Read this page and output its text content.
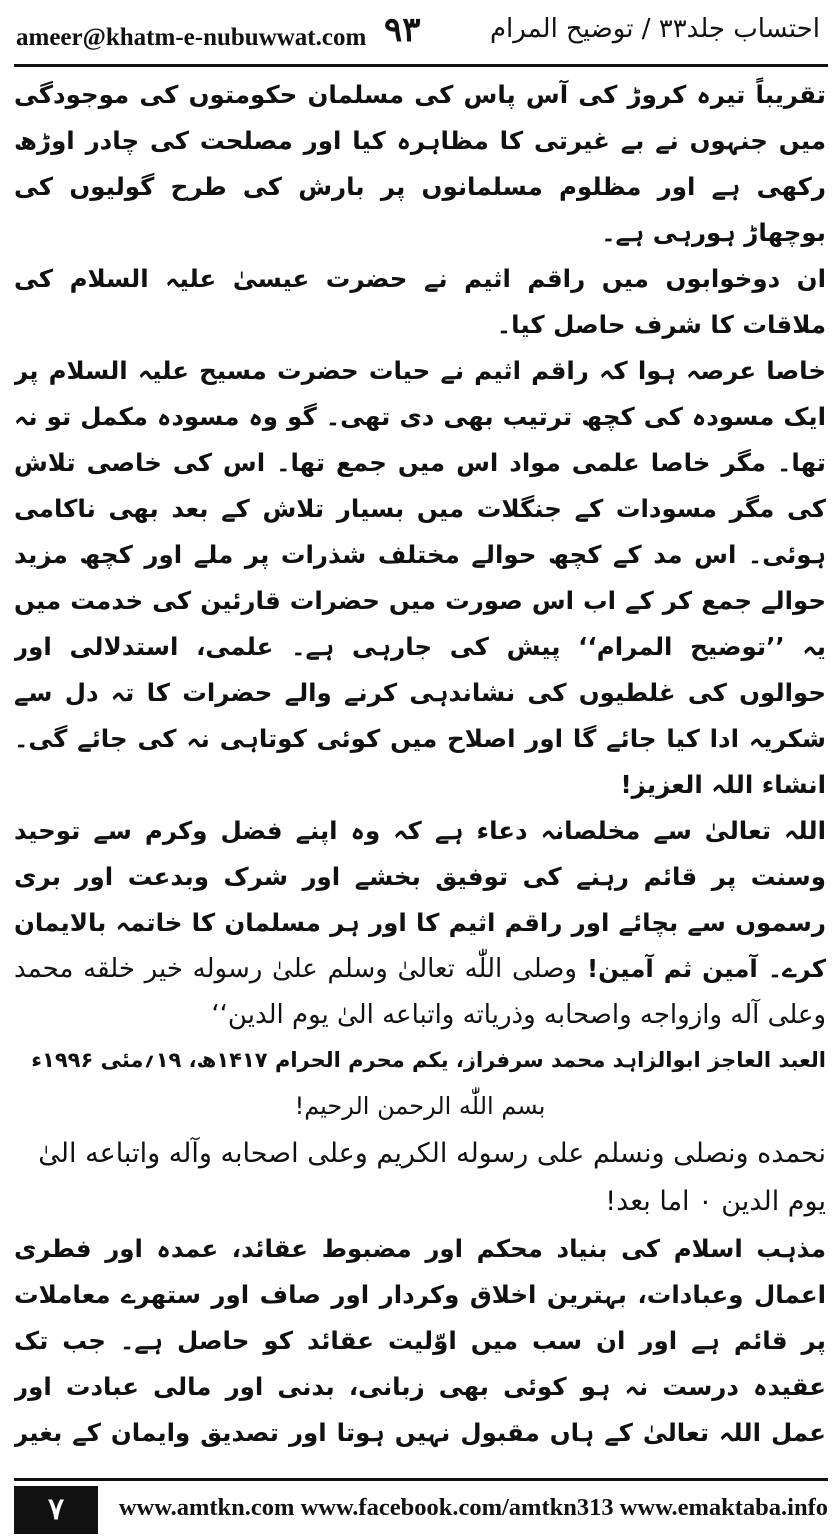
ameer@khatm-e-nubuwwat.com ۹۳	احتساب جلد۳۳ / توضیح المرام

تقریباً تیرہ کروڑ کی آس پاس کی مسلمان حکومتوں کی موجودگی میں جنہوں نے بے غیرتی کا مظاہرہ کیا اور مصلحت کی چادر اوڑھ رکھی ہے اور مظلوم مسلمانوں پر بارش کی طرح گولیوں کی بوچھاڑ ہورہی ہے۔

ان دوخوابوں میں راقم اثیم نے حضرت عیسیٰ علیہ السلام کی ملاقات کا شرف حاصل کیا۔

خاصا عرصہ ہوا کہ راقم اثیم نے حیات حضرت مسیح علیہ السلام پر ایک مسودہ کی کچھ ترتیب بھی دی تھی۔ گو وہ مسودہ مکمل تو نہ تھا۔ مگر خاصا علمی مواد اس میں جمع تھا۔ اس کی خاصی تلاش کی مگر مسودات کے جنگلات میں بسیار تلاش کے بعد بھی ناکامی ہوئی۔ اس مد کے کچھ حوالے مختلف شذرات پر ملے اور کچھ مزید حوالے جمع کر کے اب اس صورت میں حضرات قارئین کی خدمت میں یہ ’’توضیح المرام‘‘ پیش کی جارہی ہے۔ علمی، استدلالی اور حوالوں کی غلطیوں کی نشاندہی کرنے والے حضرات کا تہ دل سے شکریہ ادا کیا جائے گا اور اصلاح میں کوئی کوتاہی نہ کی جائے گی۔ انشاء اللہ العزیز!

اللہ تعالیٰ سے مخلصانہ دعاء ہے کہ وہ اپنے فضل وکرم سے توحید وسنت پر قائم رہنے کی توفیق بخشے اور شرک وبدعت اور بری رسموں سے بچائے اور راقم اثیم کا اور ہر مسلمان کا خاتمہ بالایمان کرے۔ آمین ثم آمین! وصلی اللّٰه تعالیٰ وسلم علیٰ رسوله خیر خلقه محمد وعلی آله وازواجه واصحابه وذریاته واتباعه الیٰ یوم الدین‘‘

العبد العاجز ابوالزاہد محمد سرفراز، یکم محرم الحرام ۱۴۱۷ھ، ۱۹؍مئی ۱۹۹۶ء

بسم اللّٰه الرحمن الرحیم!

نحمده ونصلی ونسلم علی رسوله الکریم وعلی اصحابه وآله واتباعه الیٰ یوم الدین ۰ اما بعد!

مذہب اسلام کی بنیاد محکم اور مضبوط عقائد، عمدہ اور فطری اعمال وعبادات، بہترین اخلاق وکردار اور صاف اور ستھرے معاملات پر قائم ہے اور ان سب میں اوّلیت عقائد کو حاصل ہے۔ جب تک عقیدہ درست نہ ہو کوئی بھی زبانی، بدنی اور مالی عبادت اور عمل اللہ تعالیٰ کے ہاں مقبول نہیں ہوتا اور تصدیق وایمان کے بغیر

۷	www.amtkn.com www.facebook.com/amtkn313 www.emaktaba.info
